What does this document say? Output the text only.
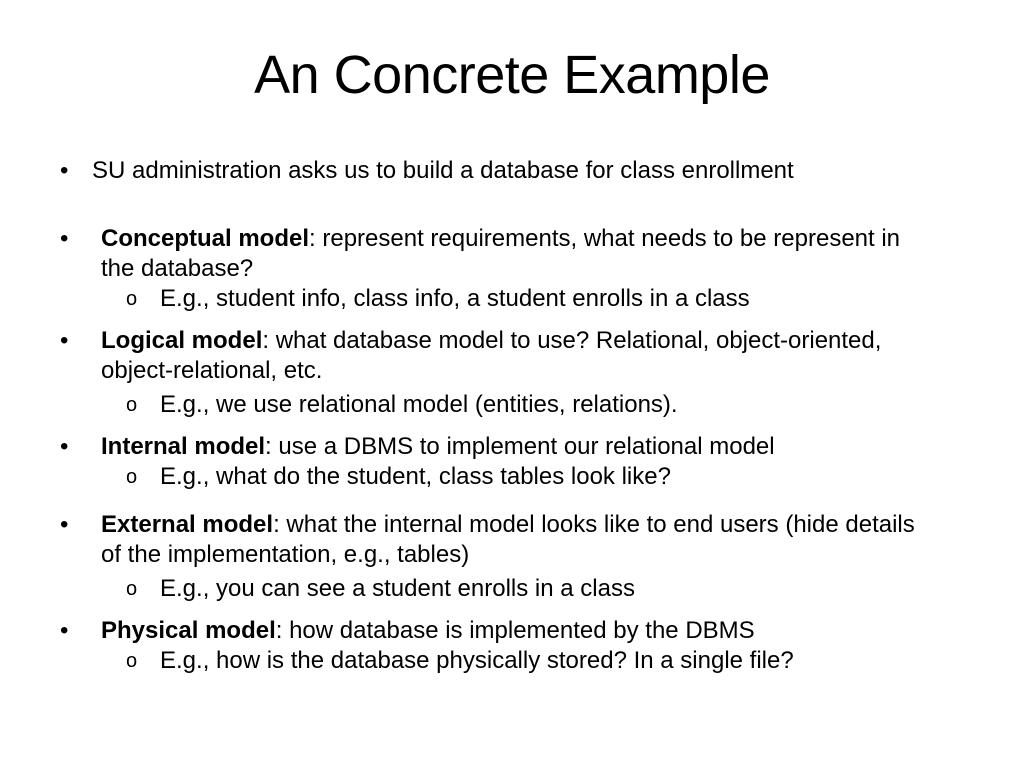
An Concrete Example
• SU administration asks us to build a database for class enrollment
•	Conceptual model: represent requirements, what needs to be represent in the database?
o E.g., student info, class info, a student enrolls in a class
•	Logical model: what database model to use? Relational, object-oriented, object-relational, etc.
o E.g., we use relational model (entities, relations).
•	Internal model: use a DBMS to implement our relational model
o E.g., what do the student, class tables look like?
•	External model: what the internal model looks like to end users (hide details of the implementation, e.g., tables)
o E.g., you can see a student enrolls in a class
•	Physical model: how database is implemented by the DBMS
o E.g., how is the database physically stored? In a single file?
